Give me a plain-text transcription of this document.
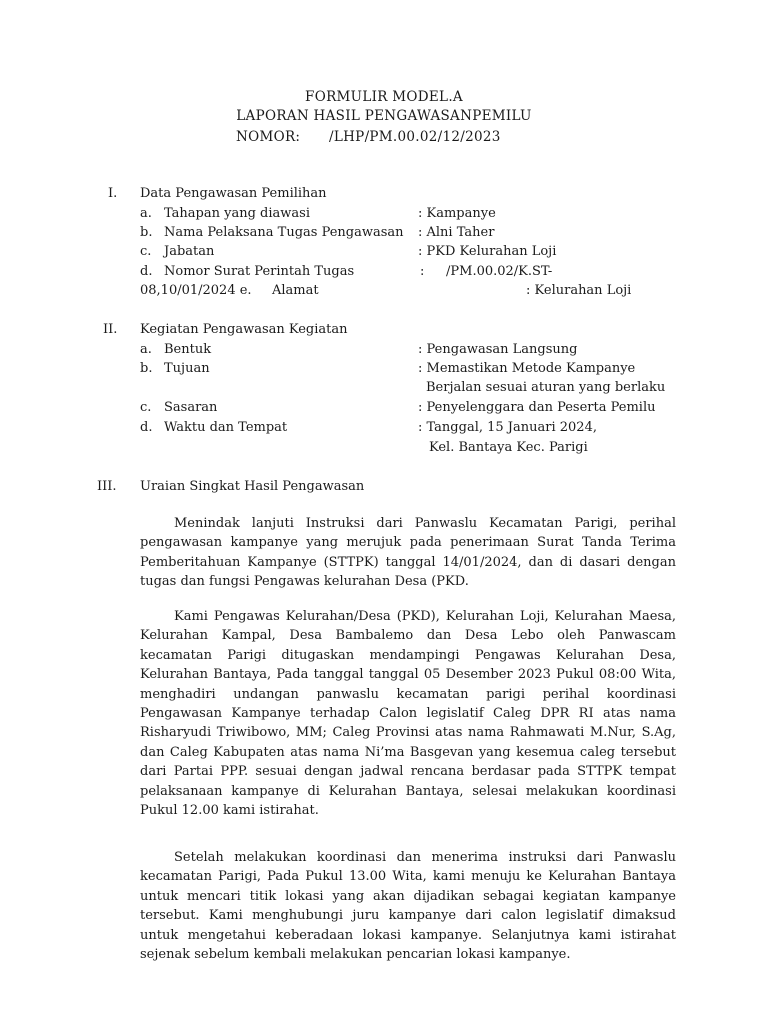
FORMULIR MODEL.A
LAPORAN HASIL PENGAWASANPEMILU
NOMOR: /LHP/PM.00.02/12/2023
I. Data Pengawasan Pemilihan
a. Tahapan yang diawasi	: Kampanye
b. Nama Pelaksana Tugas Pengawasan : Alni Taher
c. Jabatan	: PKD Kelurahan Loji
d. Nomor Surat Perintah Tugas	: /PM.00.02/K.ST-
08,10/01/2024 e. Alamat	: Kelurahan Loji
II. Kegiatan Pengawasan Kegiatan
a. Bentuk	: Pengawasan Langsung
b. Tujuan	: Memastikan Metode Kampanye
Berjalan sesuai aturan yang berlaku
c. Sasaran	: Penyelenggara dan Peserta Pemilu
d. Waktu dan Tempat	: Tanggal, 15 Januari 2024,
Kel. Bantaya Kec. Parigi
III. Uraian Singkat Hasil Pengawasan

Menindak lanjuti Instruksi dari Panwaslu Kecamatan Parigi, perihal pengawasan kampanye yang merujuk pada penerimaan Surat Tanda Terima Pemberitahuan Kampanye (STTPK) tanggal 14/01/2024, dan di dasari dengan tugas dan fungsi Pengawas kelurahan Desa (PKD.

Kami Pengawas Kelurahan/Desa (PKD), Kelurahan Loji, Kelurahan Maesa, Kelurahan Kampal, Desa Bambalemo dan Desa Lebo oleh Panwascam kecamatan Parigi ditugaskan mendampingi Pengawas Kelurahan Desa, Kelurahan Bantaya, Pada tanggal tanggal 05 Desember 2023 Pukul 08:00 Wita, menghadiri undangan panwaslu kecamatan parigi perihal koordinasi Pengawasan Kampanye terhadap Calon legislatif Caleg DPR RI atas nama Risharyudi Triwibowo, MM; Caleg Provinsi atas nama Rahmawati M.Nur, S.Ag, dan Caleg Kabupaten atas nama Ni’ma Basgevan yang kesemua caleg tersebut dari Partai PPP. sesuai dengan jadwal rencana berdasar pada STTPK tempat pelaksanaan kampanye di Kelurahan Bantaya, selesai melakukan koordinasi Pukul 12.00 kami istirahat.

Setelah melakukan koordinasi dan menerima instruksi dari Panwaslu kecamatan Parigi, Pada Pukul 13.00 Wita, kami menuju ke Kelurahan Bantaya untuk mencari titik lokasi yang akan dijadikan sebagai kegiatan kampanye tersebut. Kami menghubungi juru kampanye dari calon legislatif dimaksud untuk mengetahui keberadaan lokasi kampanye. Selanjutnya kami istirahat sejenak sebelum kembali melakukan pencarian lokasi kampanye.
